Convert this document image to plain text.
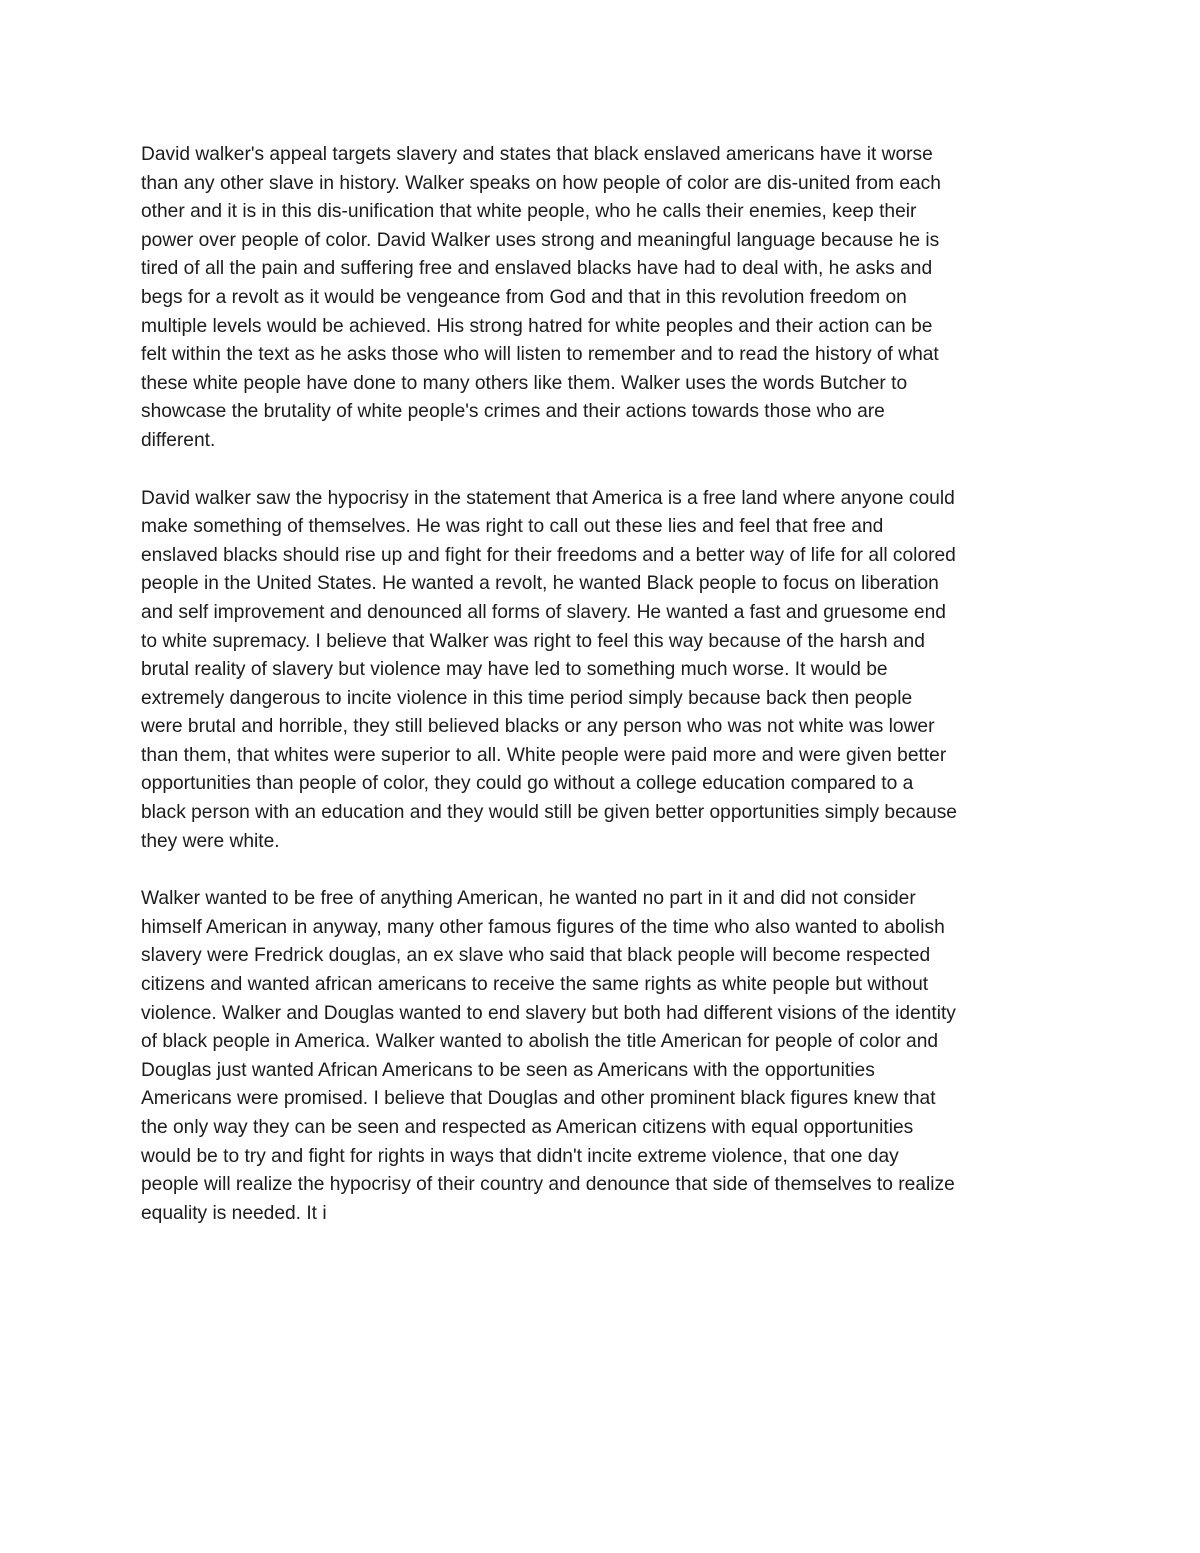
David walker's appeal targets slavery and states that black enslaved americans have it worse
than any other slave in history. Walker speaks on how people of color are dis-united from each
other and it is in this dis-unification that white people, who he calls their enemies, keep their
power over people of color. David Walker uses strong and meaningful language because he is
tired of all the pain and suffering free and enslaved blacks have had to deal with, he asks and
begs for a revolt as it would be vengeance from God and that in this revolution freedom on
multiple levels would be achieved. His strong hatred for white peoples and their action can be
felt within the text as he asks those who will listen to remember and to read the history of what
these white people have done to many others like them. Walker uses the words Butcher to
showcase the brutality of white people's crimes and their actions towards those who are
different.

David walker saw the hypocrisy in the statement that America is a free land where anyone could
make something of themselves. He was right to call out these lies and feel that free and
enslaved blacks should rise up and fight for their freedoms and a better way of life for all colored
people in the United States. He wanted a revolt, he wanted Black people to focus on liberation
and self improvement and denounced all forms of slavery. He wanted a fast and gruesome end
to white supremacy. I believe that Walker was right to feel this way because of the harsh and
brutal reality of slavery but violence may have led to something much worse. It would be
extremely dangerous to incite violence in this time period simply because back then people
were brutal and horrible, they still believed blacks or any person who was not white was lower
than them, that whites were superior to all. White people were paid more and were given better
opportunities than people of color, they could go without a college education compared to a
black person with an education and they would still be given better opportunities simply because
they were white.

Walker wanted to be free of anything American, he wanted no part in it and did not consider
himself American in anyway, many other famous figures of the time who also wanted to abolish
slavery were Fredrick douglas, an ex slave who said that black people will become respected
citizens and wanted african americans to receive the same rights as white people but without
violence. Walker and Douglas wanted to end slavery but both had different visions of the identity
of black people in America. Walker wanted to abolish the title American for people of color and
Douglas just wanted African Americans to be seen as Americans with the opportunities
Americans were promised. I believe that Douglas and other prominent black figures knew that
the only way they can be seen and respected as American citizens with equal opportunities
would be to try and fight for rights in ways that didn't incite extreme violence, that one day
people will realize the hypocrisy of their country and denounce that side of themselves to realize
equality is needed. It i
